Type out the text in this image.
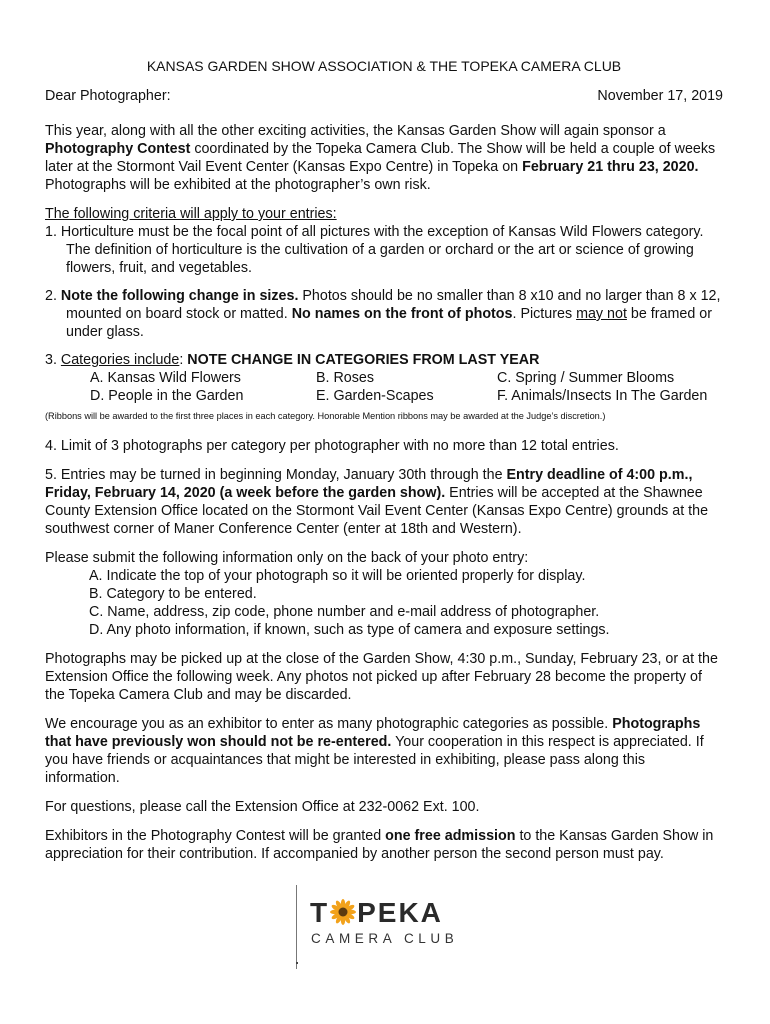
KANSAS GARDEN SHOW ASSOCIATION & THE TOPEKA CAMERA CLUB
Dear Photographer:	November 17, 2019

This year, along with all the other exciting activities, the Kansas Garden Show will again sponsor a Photography Contest coordinated by the Topeka Camera Club. The Show will be held a couple of weeks later at the Stormont Vail Event Center (Kansas Expo Centre) in Topeka on February 21 thru 23, 2020. Photographs will be exhibited at the photographer’s own risk.

The following criteria will apply to your entries:
1. Horticulture must be the focal point of all pictures with the exception of Kansas Wild Flowers category. The definition of horticulture is the cultivation of a garden or orchard or the art or science of growing flowers, fruit, and vegetables.
2. Note the following change in sizes. Photos should be no smaller than 8 x10 and no larger than 8 x 12, mounted on board stock or matted. No names on the front of photos. Pictures may not be framed or under glass.
3. Categories include: NOTE CHANGE IN CATEGORIES FROM LAST YEAR
A. Kansas Wild Flowers	B. Roses	C. Spring / Summer Blooms
D. People in the Garden	E. Garden-Scapes	F. Animals/Insects In The Garden
(Ribbons will be awarded to the first three places in each category. Honorable Mention ribbons may be awarded at the Judge’s discretion.)

4. Limit of 3 photographs per category per photographer with no more than 12 total entries.

5. Entries may be turned in beginning Monday, January 30th through the Entry deadline of 4:00 p.m., Friday, February 14, 2020 (a week before the garden show). Entries will be accepted at the Shawnee County Extension Office located on the Stormont Vail Event Center (Kansas Expo Centre) grounds at the southwest corner of Maner Conference Center (enter at 18th and Western).

Please submit the following information only on the back of your photo entry:
A. Indicate the top of your photograph so it will be oriented properly for display.
B. Category to be entered.
C. Name, address, zip code, phone number and e-mail address of photographer.
D. Any photo information, if known, such as type of camera and exposure settings.

Photographs may be picked up at the close of the Garden Show, 4:30 p.m., Sunday, February 23, or at the Extension Office the following week. Any photos not picked up after February 28 become the property of the Topeka Camera Club and may be discarded.

We encourage you as an exhibitor to enter as many photographic categories as possible. Photographs that have previously won should not be re-entered. Your cooperation in this respect is appreciated. If you have friends or acquaintances that might be interested in exhibiting, please pass along this information.

For questions, please call the Extension Office at 232-0062 Ext. 100.

Exhibitors in the Photography Contest will be granted one free admission to the Kansas Garden Show in appreciation for their contribution. If accompanied by another person the second person must pay.

T PEKA
CAMERA CLUB
